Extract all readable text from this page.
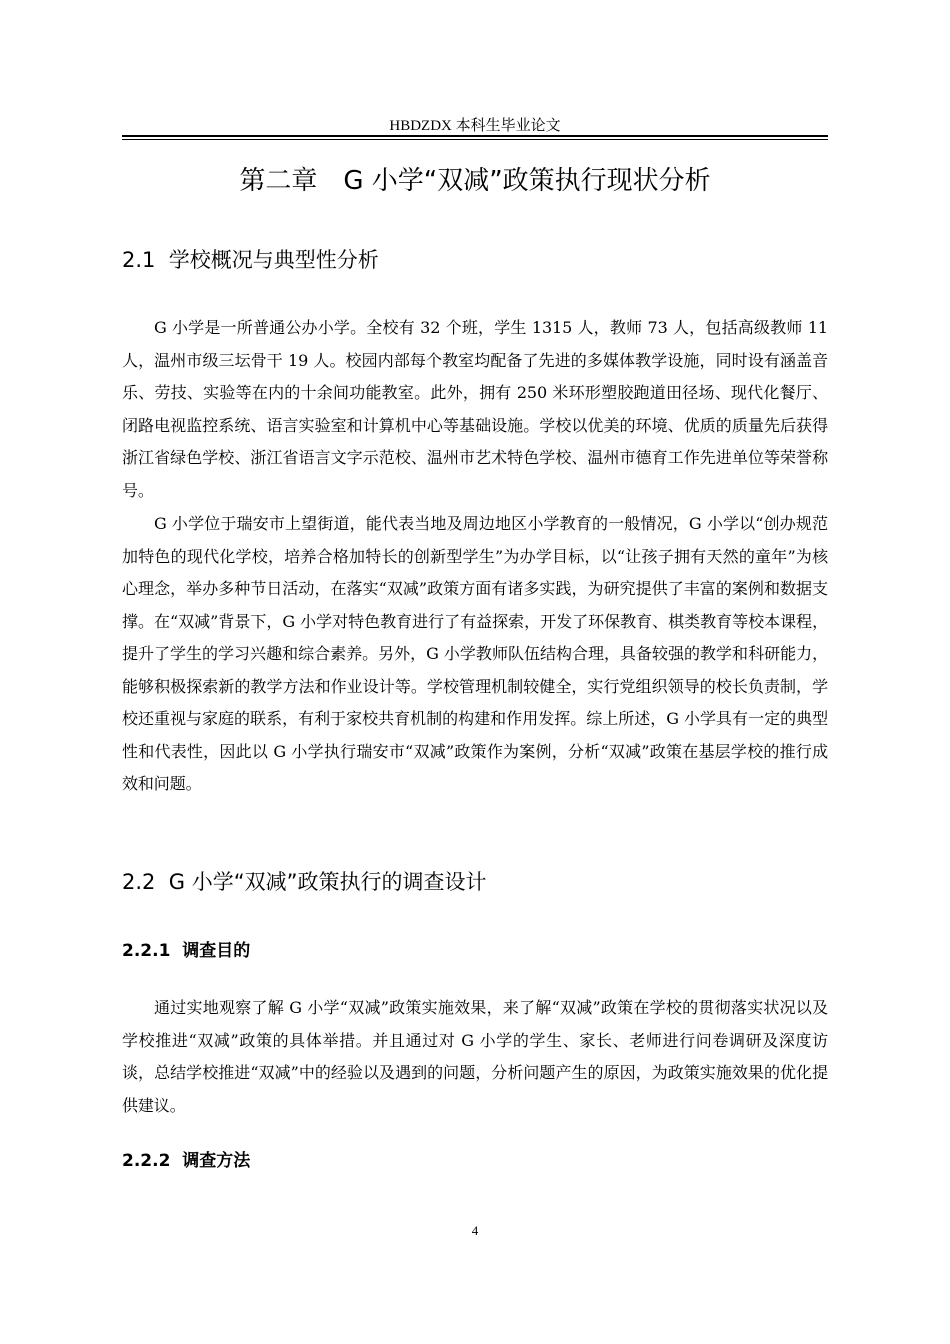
HBDZDX 本科生毕业论文
第二章　G 小学“双减”政策执行现状分析
2.1  学校概况与典型性分析

G 小学是一所普通公办小学。全校有 32 个班，学生 1315 人，教师 73 人，包括高级教师 11 人，温州市级三坛骨干 19 人。校园内部每个教室均配备了先进的多媒体教学设施，同时设有涵盖音乐、劳技、实验等在内的十余间功能教室。此外，拥有 250 米环形塑胶跑道田径场、现代化餐厅、闭路电视监控系统、语言实验室和计算机中心等基础设施。学校以优美的环境、优质的质量先后获得浙江省绿色学校、浙江省语言文字示范校、温州市艺术特色学校、温州市德育工作先进单位等荣誉称号。

G 小学位于瑞安市上望街道，能代表当地及周边地区小学教育的一般情况，G 小学以“创办规范加特色的现代化学校，培养合格加特长的创新型学生”为办学目标，以“让孩子拥有天然的童年”为核心理念，举办多种节日活动，在落实“双减”政策方面有诸多实践，为研究提供了丰富的案例和数据支撑。在“双减”背景下，G 小学对特色教育进行了有益探索，开发了环保教育、棋类教育等校本课程，提升了学生的学习兴趣和综合素养。另外，G 小学教师队伍结构合理，具备较强的教学和科研能力，能够积极探索新的教学方法和作业设计等。学校管理机制较健全，实行党组织领导的校长负责制，学校还重视与家庭的联系，有利于家校共育机制的构建和作用发挥。综上所述，G 小学具有一定的典型性和代表性，因此以 G 小学执行瑞安市“双减”政策作为案例，分析“双减”政策在基层学校的推行成效和问题。

2.2  G 小学“双减”政策执行的调查设计
2.2.1  调查目的

通过实地观察了解 G 小学“双减”政策实施效果，来了解“双减”政策在学校的贯彻落实状况以及学校推进“双减”政策的具体举措。并且通过对 G 小学的学生、家长、老师进行问卷调研及深度访谈，总结学校推进“双减”中的经验以及遇到的问题，分析问题产生的原因，为政策实施效果的优化提供建议。

2.2.2  调查方法
4
